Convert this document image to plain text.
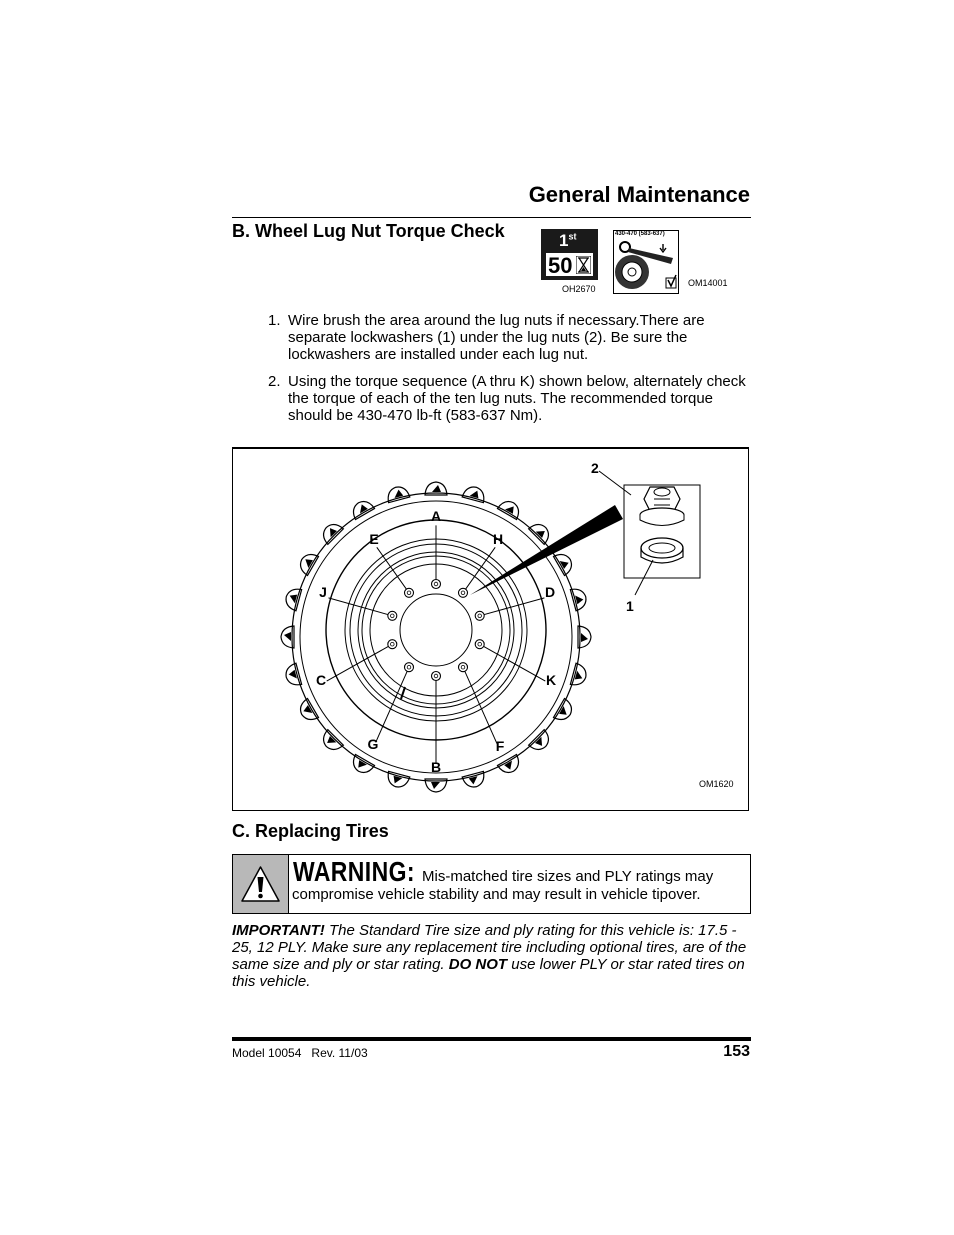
General Maintenance
B. Wheel Lug Nut Torque Check	1st
50
OH2670
430-470 (583-637)
OM14001
1. Wire brush the area around the lug nuts if necessary.There are separate lockwashers (1) under the lug nuts (2). Be sure the lockwashers are installed under each lug nut.
2. Using the torque sequence (A thru K) shown below, alternately check the torque of each of the ten lug nuts. The recommended torque should be 430-470 lb-ft (583-637 Nm).
2
1
A
H
D
K
F
B
G
C
J
E
OM1620
C. Replacing Tires
WARNING: Mis-matched tire sizes and PLY ratings may
compromise vehicle stability and may result in vehicle tipover.
IMPORTANT! The Standard Tire size and ply rating for this vehicle is: 17.5 - 25, 12 PLY. Make sure any replacement tire including optional tires, are of the same size and ply or star rating. DO NOT use lower PLY or star rated tires on this vehicle.
Model 10054 Rev. 11/03	153
